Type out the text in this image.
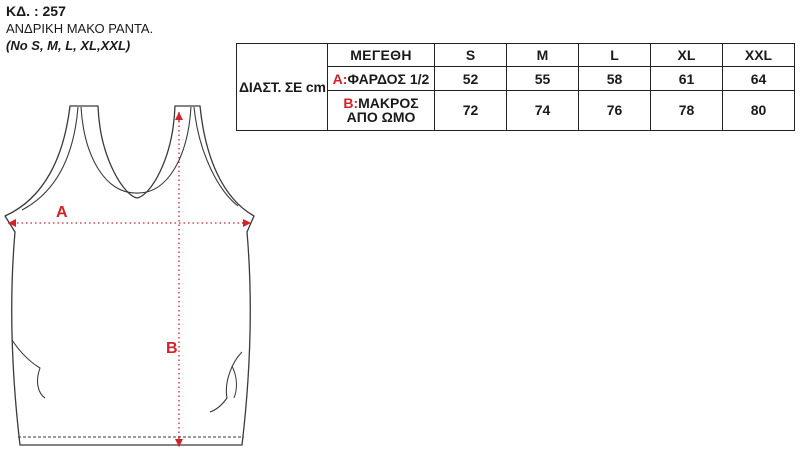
ΚΔ. : 257
ΑΝΔΡΙΚΗ ΜΑΚΟ ΡΑΝΤΑ.
(No S, M, L, XL,XXL)
ΔΙΑΣΤ. ΣΕ cm	ΜΕΓΕΘΗ	S	M	L	XL	XXL
	A:ΦΑΡΔΟΣ 1/2	52	55	58	61	64
	B:ΜΑΚΡΟΣ ΑΠΟ ΩΜΟ	72	74	76	78	80
A
B
